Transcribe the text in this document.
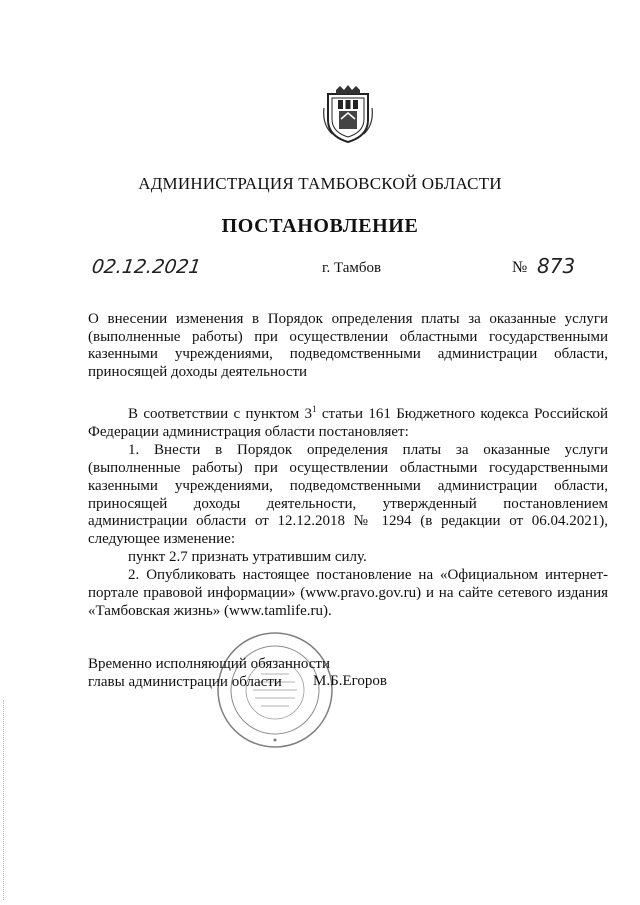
АДМИНИСТРАЦИЯ ТАМБОВСКОЙ ОБЛАСТИ
ПОСТАНОВЛЕНИЕ
02.12.2021	г. Тамбов	№ 873
О внесении изменения в Порядок определения платы за оказанные услуги (выполненные работы) при осуществлении областными государственными казенными учреждениями, подведомственными администрации области, приносящей доходы деятельности

В соответствии с пунктом $3^1$ статьи 161 Бюджетного кодекса Российской Федерации администрация области постановляет:

1. Внести в Порядок определения платы за оказанные услуги (выполненные работы) при осуществлении областными государственными казенными учреждениями, подведомственными администрации области, приносящей доходы деятельности, утвержденный постановлением администрации области от 12.12.2018 № 1294 (в редакции от 06.04.2021), следующее изменение:

пункт 2.7 признать утратившим силу.

2. Опубликовать настоящее постановление на «Официальном интернет-портале правовой информации» (www.pravo.gov.ru) и на сайте сетевого издания «Тамбовская жизнь» (www.tamlife.ru).

Временно исполняющий обязанности
главы администрации области	М.Б.Егоров
